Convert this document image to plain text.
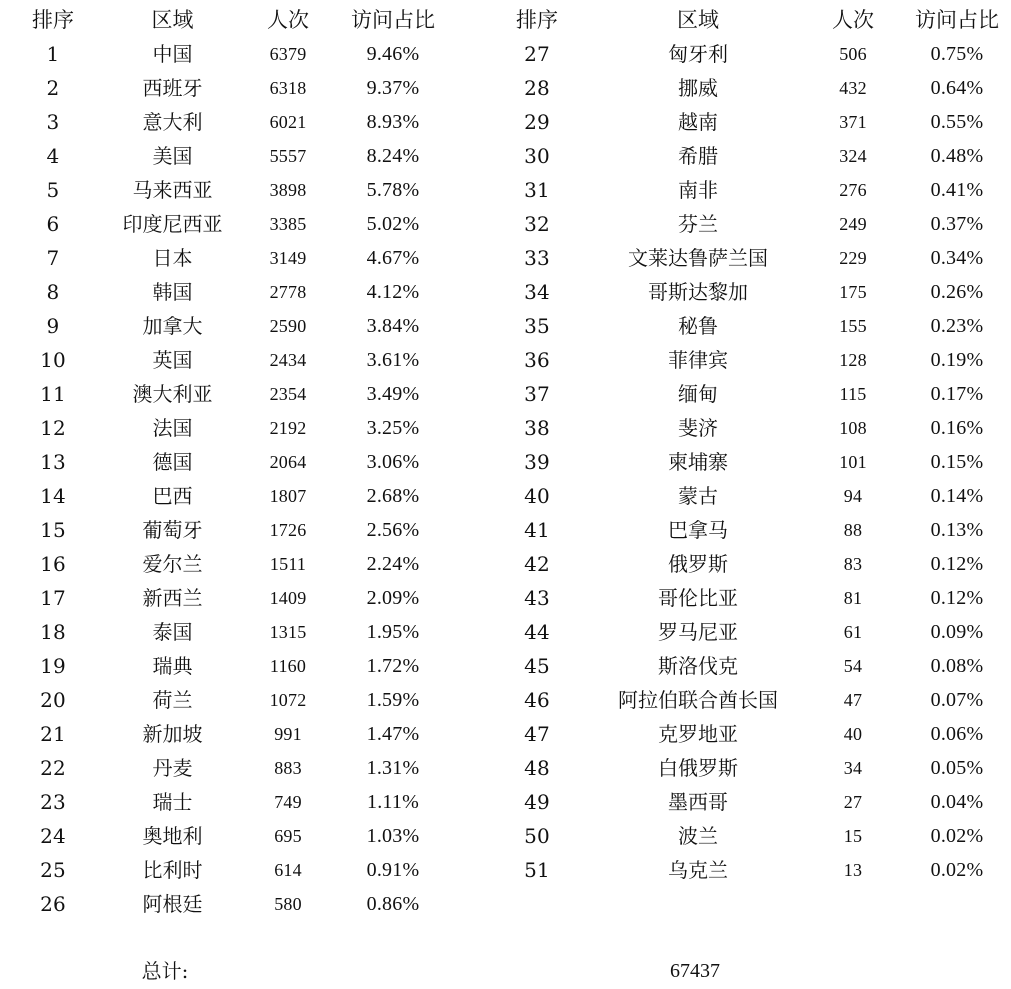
排序	区域	人次	访问占比
1	中国	6379	9.46%
2	西班牙	6318	9.37%
3	意大利	6021	8.93%
4	美国	5557	8.24%
5	马来西亚	3898	5.78%
6	印度尼西亚	3385	5.02%
7	日本	3149	4.67%
8	韩国	2778	4.12%
9	加拿大	2590	3.84%
10	英国	2434	3.61%
11	澳大利亚	2354	3.49%
12	法国	2192	3.25%
13	德国	2064	3.06%
14	巴西	1807	2.68%
15	葡萄牙	1726	2.56%
16	爱尔兰	1511	2.24%
17	新西兰	1409	2.09%
18	泰国	1315	1.95%
19	瑞典	1160	1.72%
20	荷兰	1072	1.59%
21	新加坡	991	1.47%
22	丹麦	883	1.31%
23	瑞士	749	1.11%
24	奥地利	695	1.03%
25	比利时	614	0.91%
26	阿根廷	580	0.86%
排序	区域	人次	访问占比
27	匈牙利	506	0.75%
28	挪威	432	0.64%
29	越南	371	0.55%
30	希腊	324	0.48%
31	南非	276	0.41%
32	芬兰	249	0.37%
33	文莱达鲁萨兰国	229	0.34%
34	哥斯达黎加	175	0.26%
35	秘鲁	155	0.23%
36	菲律宾	128	0.19%
37	缅甸	115	0.17%
38	斐济	108	0.16%
39	柬埔寨	101	0.15%
40	蒙古	94	0.14%
41	巴拿马	88	0.13%
42	俄罗斯	83	0.12%
43	哥伦比亚	81	0.12%
44	罗马尼亚	61	0.09%
45	斯洛伐克	54	0.08%
46	阿拉伯联合酋长国	47	0.07%
47	克罗地亚	40	0.06%
48	白俄罗斯	34	0.05%
49	墨西哥	27	0.04%
50	波兰	15	0.02%
51	乌克兰	13	0.02%
总计:	67437
